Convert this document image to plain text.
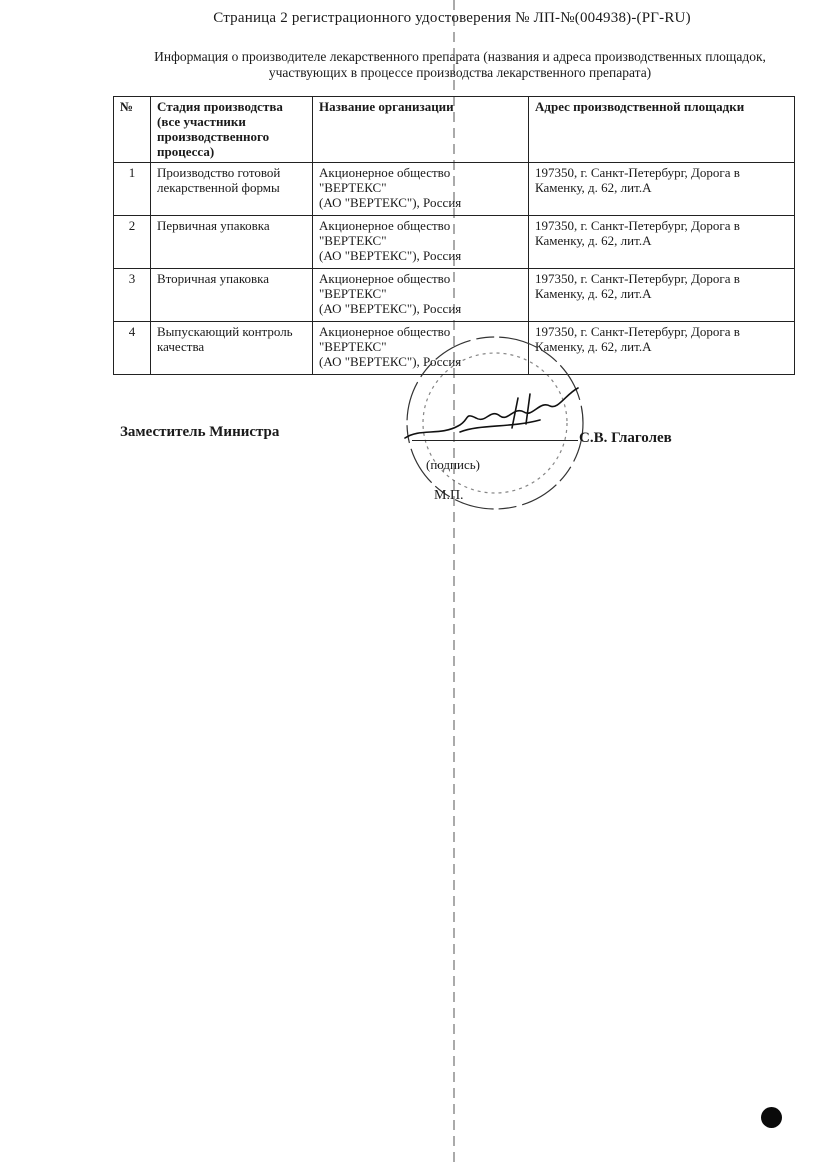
Страница 2 регистрационного удостоверения № ЛП-№(004938)-(РГ-RU)
Информация о производителе лекарственного препарата (названия и адреса производственных площадок,
участвующих в процессе производства лекарственного препарата)
№	Стадия производства (все участники производственного процесса)	Название организации	Адрес производственной площадки
1	Производство готовой лекарственной формы	Акционерное общество
"ВЕРТЕКС"
(АО "ВЕРТЕКС"), Россия	197350, г. Санкт-Петербург, Дорога в Каменку, д. 62, лит.А
2	Первичная упаковка	Акционерное общество
"ВЕРТЕКС"
(АО "ВЕРТЕКС"), Россия	197350, г. Санкт-Петербург, Дорога в Каменку, д. 62, лит.А
3	Вторичная упаковка	Акционерное общество
"ВЕРТЕКС"
(АО "ВЕРТЕКС"), Россия	197350, г. Санкт-Петербург, Дорога в Каменку, д. 62, лит.А
4	Выпускающий контроль качества	Акционерное общество
"ВЕРТЕКС"
(АО "ВЕРТЕКС"), Россия	197350, г. Санкт-Петербург, Дорога в Каменку, д. 62, лит.А
Заместитель Министра	С.В. Глаголев
(подпись)
М.П.
